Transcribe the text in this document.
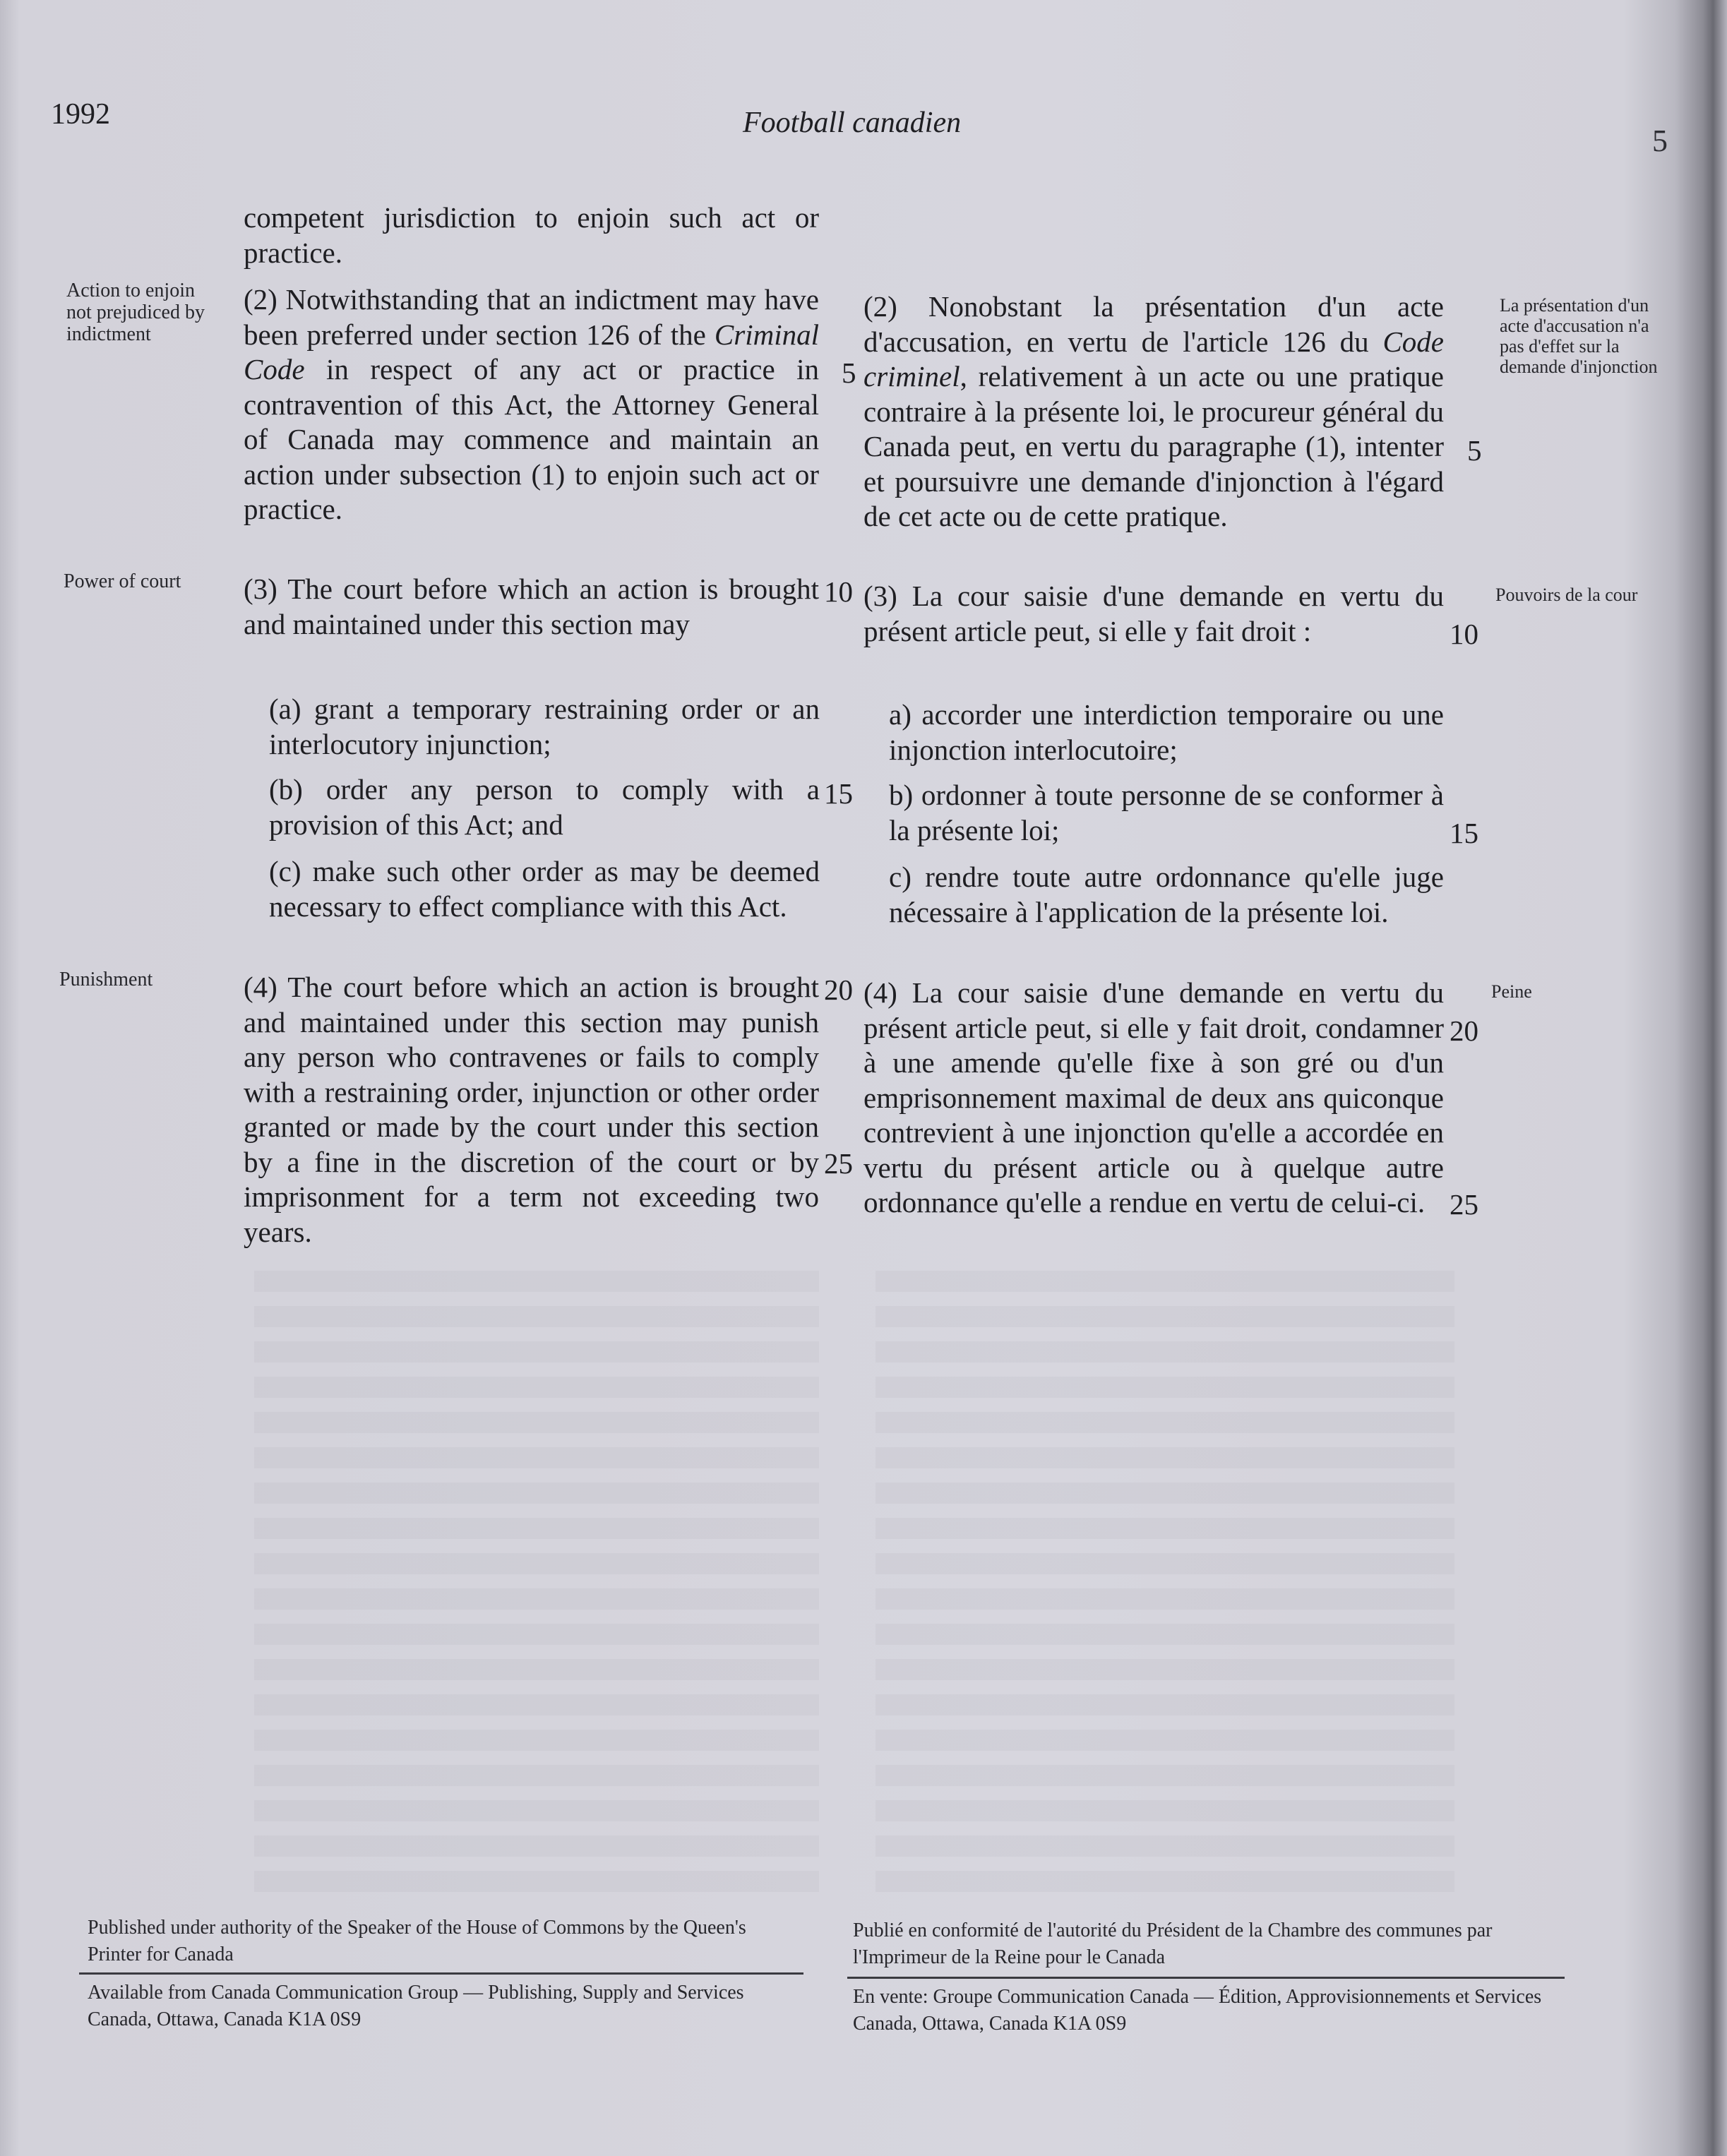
1992	Football canadien
5
Action to enjoin not prejudiced by indictment
Power of court
Punishment
competent jurisdiction to enjoin such act or practice.
(2) Notwithstanding that an indictment may have been preferred under section 126 of the Criminal Code in respect of any act or practice in contravention of this Act, the Attorney General of Canada may commence and maintain an action under subsection (1) to enjoin such act or practice.
(3) The court before which an action is brought and maintained under this section may
(a) grant a temporary restraining order or an interlocutory injunction;
(b) order any person to comply with a provision of this Act; and
(c) make such other order as may be deemed necessary to effect compliance with this Act.
(4) The court before which an action is brought and maintained under this section may punish any person who contravenes or fails to comply with a restraining order, injunction or other order granted or made by the court under this section by a fine in the discretion of the court or by imprisonment for a term not exceeding two years.
5
10
15
20
25
(2) Nonobstant la présentation d'un acte d'accusation, en vertu de l'article 126 du Code criminel, relativement à un acte ou une pratique contraire à la présente loi, le procureur général du Canada peut, en vertu du paragraphe (1), intenter et poursuivre une demande d'injonction à l'égard de cet acte ou de cette pratique.
(3) La cour saisie d'une demande en vertu du présent article peut, si elle y fait droit :
a) accorder une interdiction temporaire ou une injonction interlocutoire;
b) ordonner à toute personne de se conformer à la présente loi;
c) rendre toute autre ordonnance qu'elle juge nécessaire à l'application de la présente loi.
(4) La cour saisie d'une demande en vertu du présent article peut, si elle y fait droit, condamner à une amende qu'elle fixe à son gré ou d'un emprisonnement maximal de deux ans quiconque contrevient à une injonction qu'elle a accordée en vertu du présent article ou à quelque autre ordonnance qu'elle a rendue en vertu de celui-ci.
5
10
15
20
25
La présentation d'un acte d'accusation n'a pas d'effet sur la demande d'injonction
Pouvoirs de la cour
Peine
Published under authority of the Speaker of the House of Commons by the Queen's Printer for Canada
Available from Canada Communication Group — Publishing, Supply and Services Canada, Ottawa, Canada K1A 0S9
Publié en conformité de l'autorité du Président de la Chambre des communes par l'Imprimeur de la Reine pour le Canada
En vente: Groupe Communication Canada — Édition, Approvisionnements et Services Canada, Ottawa, Canada K1A 0S9
